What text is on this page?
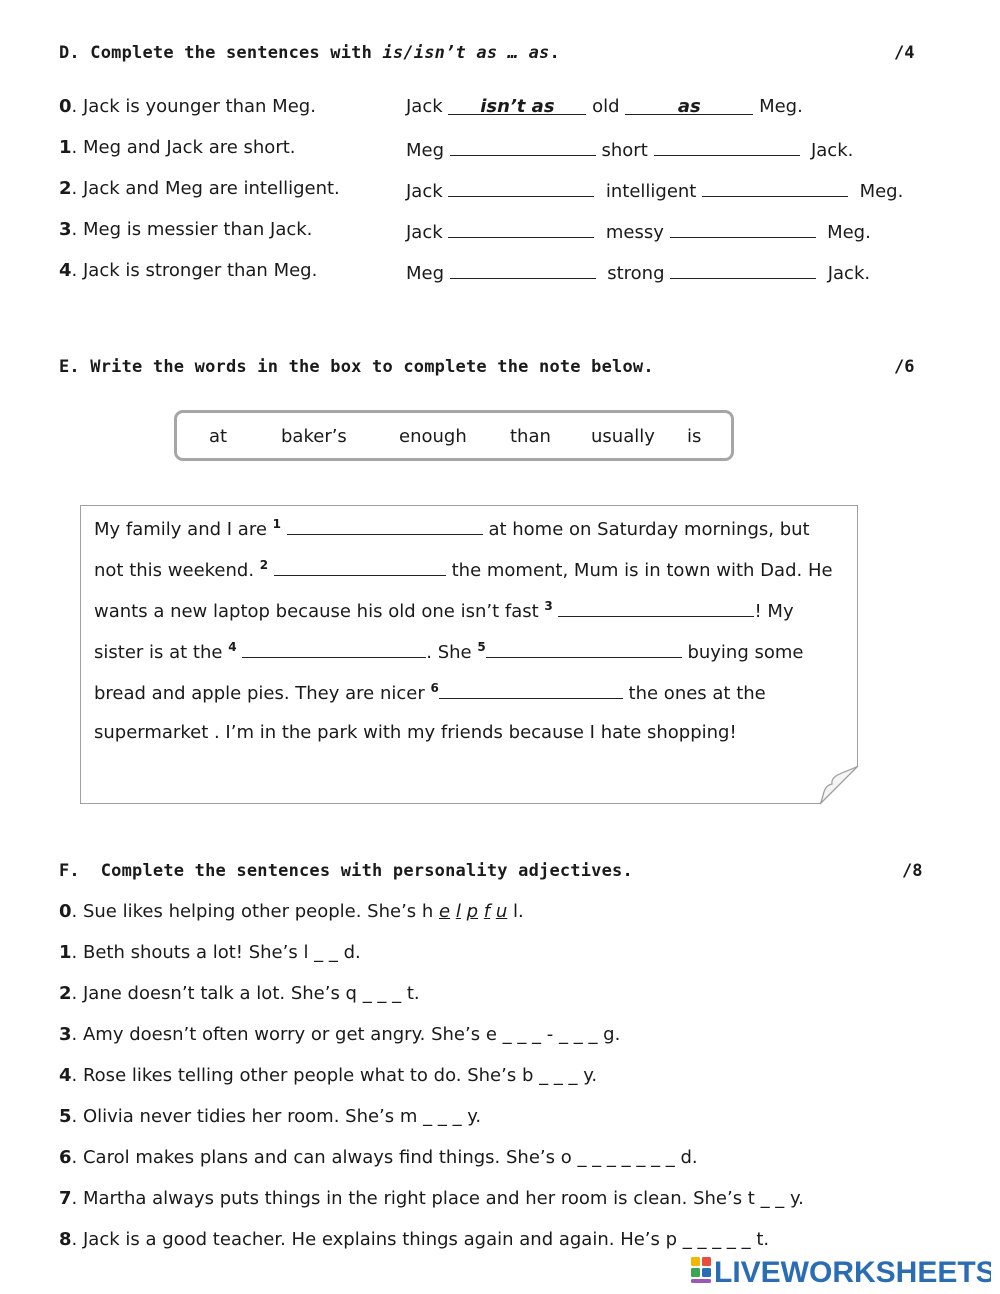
D. Complete the sentences with is/isn’t as … as.	/4
0. Jack is younger than Meg.	Jack isn’t as old	as	Meg.
1. Meg and Jack are short.	Meg	short	Jack.
2. Jack and Meg are intelligent.	Jack	intelligent	Meg.
3. Meg is messier than Jack.	Jack	messy	Meg.
4. Jack is stronger than Meg.	Meg	strong	Jack.
E. Write the words in the box to complete the note below.	/6
at	baker’s	enough than usually is
My family and I are $^1$	at home on Saturday mornings, but
not this weekend. $^2$	the moment, Mum is in town with Dad. He
wants a new laptop because his old one isn’t fast $^3$	! My
sister is at the $^4$	. She $^5$	buying some
bread and apple pies. They are nicer $^6$	the ones at the
supermarket . I’m in the park with my friends because I hate shopping!
F.  Complete the sentences with personality adjectives.	/8
0. Sue likes helping other people. She’s h e l p f u l.
1. Beth shouts a lot! She’s l _ _ d.
2. Jane doesn’t talk a lot. She’s q _ _ _ t.
3. Amy doesn’t often worry or get angry. She’s e _ _ _ - _ _ _ g.
4. Rose likes telling other people what to do. She’s b _ _ _ y.
5. Olivia never tidies her room. She’s m _ _ _ y.
6. Carol makes plans and can always find things. She’s o _ _ _ _ _ _ _ d.
7. Martha always puts things in the right place and her room is clean. She’s t _ _ y.
8. Jack is a good teacher. He explains things again and again. He’s p _ _ _ _ _ t.
LIVEWORKSHEETS
